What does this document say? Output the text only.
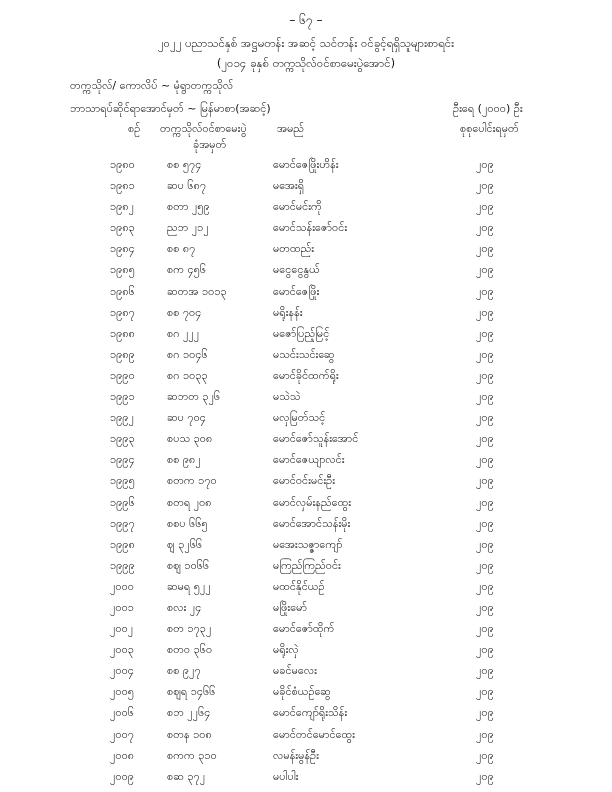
– ၆၇ –
၂၀၂၂ ပညာသင်နှစ် အဋ္ဌမတန်း အဆင့် သင်တန်း ဝင်ခွင့်ရရှိသူများစာရင်း
(၂၀၁၄ ခုနှစ် တက္ကသိုလ်ဝင်စာမေးပွဲအောင်)
တက္ကသိုလ်/ ကောလိပ် ~ မုံရွာတက္ကသိုလ်
ဘာသာရပ်ဆိုင်ရာအောင်မှတ် ~ မြန်မာစာ(အဆင့်)	ဦးရေ (၂၀၀၀) ဦး
စဉ် တက္ကသိုလ်ဝင်စာမေးပွဲ
ခုံအမှတ်
အမည်	စုစုပေါင်းရမှတ်
၁၉၈၀	စစ ၅၇၄	မောင်ဇေဖြိုးဟိန်း	၂၀၉
၁၉၈၁	ဆပ ၆၈၇	မအေးရှိ	၂၀၉
၁၉၈၂	စတာ ၂၅၉	မောင်မင်းကို	၂၀၉
၁၉၈၃	ညဘ ၂၁၂	မောင်သန်းဇော်ဝင်း	၂၀၉
၁၉၈၄	စစ ၈၇	မတထည်း	၂၀၉
၁၉၈၅	စက ၄၅၆	မငွေငွေနွယ်	၂၀၉
၁၉၈၆	ဆတအ ၁၀၁၃	မောင်ဇေဖြိုး	၂၀၉
၁၉၈၇	စစ ၇၀၄	မရိုးနန်း	၂၀၉
၁၉၈၈	စဂ ၂၂၂	မဇော်ပြည့်မြင့်	၂၀၉
၁၉၈၉	စဂ ၁၀၄၆	မသင်းသင်းဆွေ	၂၀၉
၁၉၉၀	စဂ ၁၀၃၃	မောင်ခိုင်ထက်ရိုး	၂၀၉
၁၉၉၁	ဆဘတ ၃၂၆	မသဲသဲ	၂၀၉
၁၉၉၂	ဆပ ၇၀၄	မလှမြတ်သင့်	၂၀၉
၁၉၉၃	စပသ ၃၀၈	မောင်ဇော်သူန်းအောင်	၂၀၉
၁၉၉၄	စစ ၉၈၂	မောင်ဇေယျာလင်း	၂၀၉
၁၉၉၅	စတက ၁၇၀	မောင်ဝင်းမင်းဦး	၂၀၉
၁၉၉၆	စတရ ၂၀၈	မောင်လှမ်းနည်ထွေး	၂၀၉
၁၉၉၇	စစပ ၆၆၅	မောင်အောင်သန်းမိုး	၂၀၉
၁၉၉၈	ဈ ၃၂၆၆	မအေးသဇ္ဇာကျော်	၂၀၉
၁၉၉၉	စဈ ၁၀၆၆	မကြည်ကြည်ဝင်း	၂၀၉
၂၀၀၀	ဆမရ ၅၂၂	မထင်နိုင်ယဉ်	၂၀၉
၂၀၀၁	စလး ၂၄	မဖြိုးမော်	၂၀၉
၂၀၀၂	စတ ၁၇၃၂	မောင်ဇော်ထိုက်	၂၀၉
၂၀၀၃	စတဝ ၃၆၀	မရိုးလှဲ	၂၀၉
၂၀၀၄	စစ ၉၂၇	မခင်မလေး	၂၀၉
၂၀၀၅	စဈရ ၁၄၆၆	မခိုင်စံယဉ်ဆွေ	၂၀၉
၂၀၀၆	စဘ ၂၂၆၄	မောင်ကျော်ရိုးသိန်း	၂၀၉
၂၀၀၇	စတန ၁၀၈	မောင်တင်မောင်ထွေး	၂၀၉
၂၀၀၈	စကက ၃၁၀	လမန်းမွန်ဦး	၂၀၉
၂၀၀၉	စဆ ၃၇၂	မပါပါး	၂၀၉
